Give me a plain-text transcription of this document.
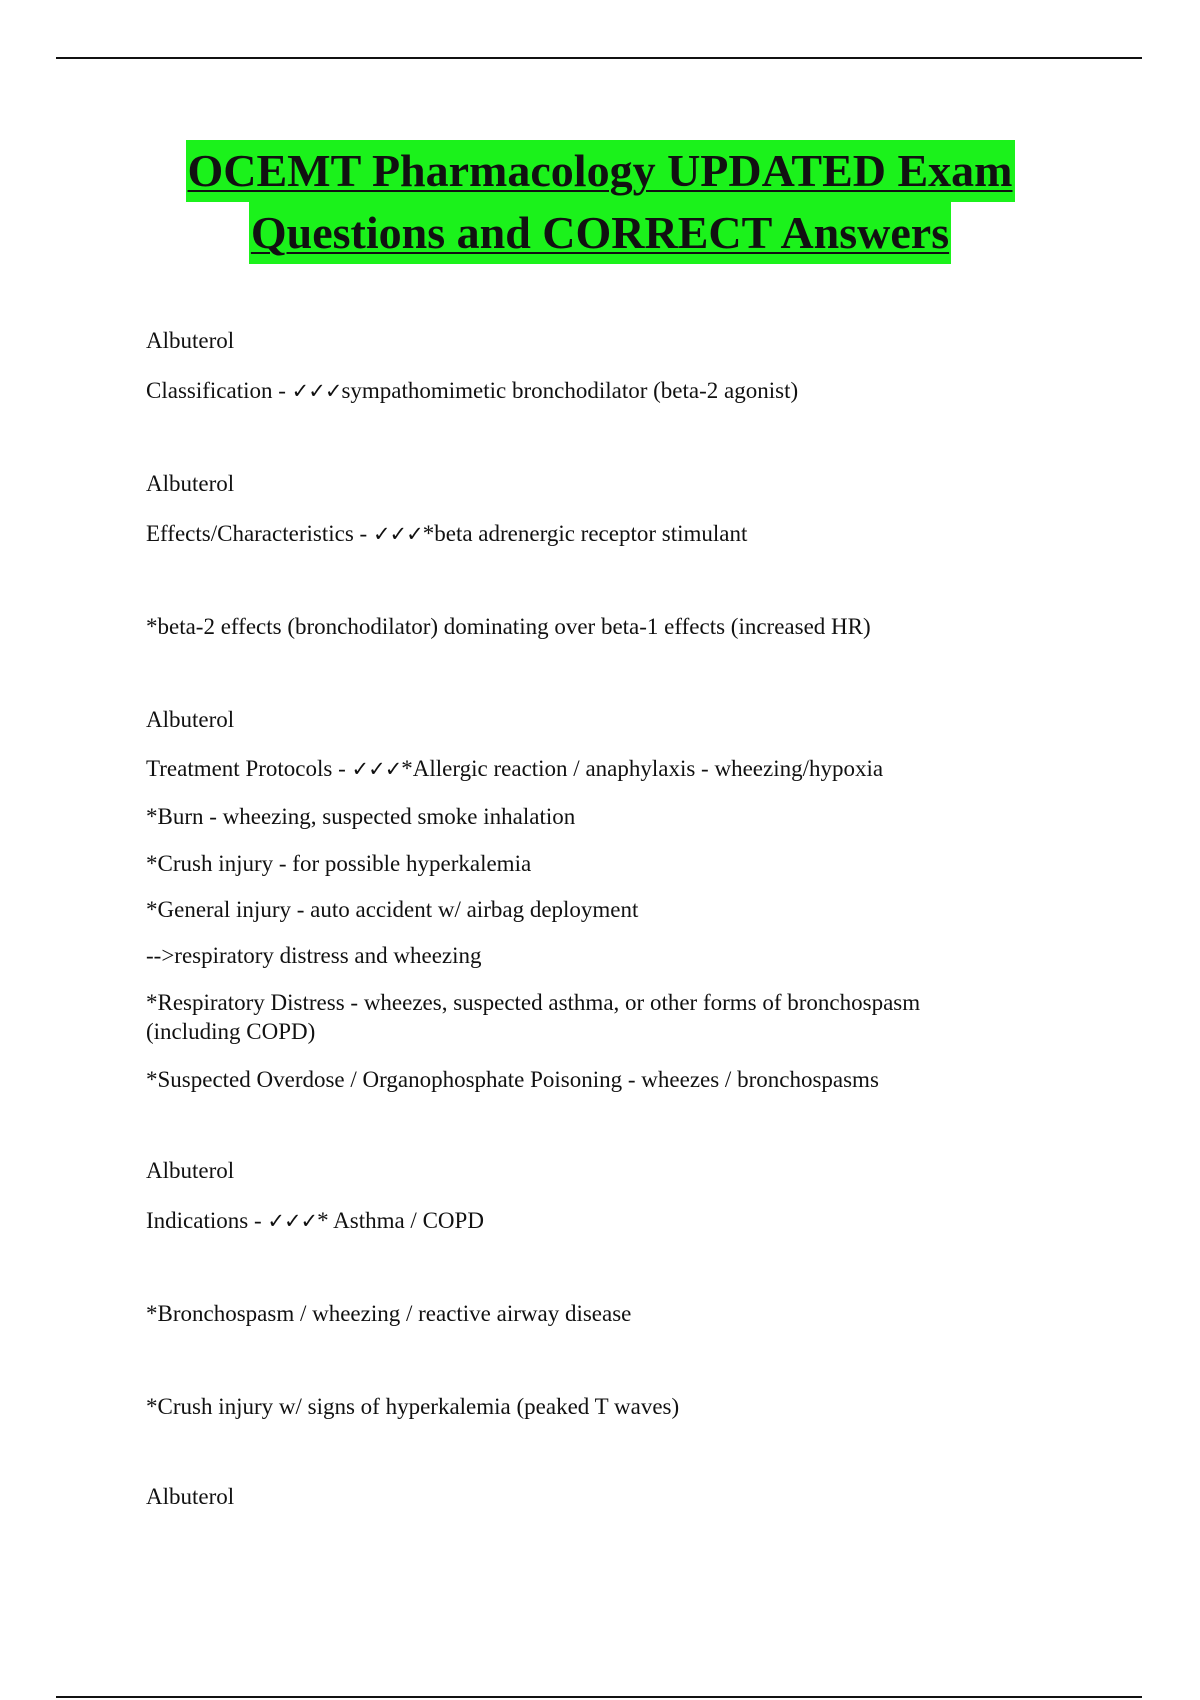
OCEMT Pharmacology UPDATED Exam
Questions and CORRECT Answers

Albuterol

Classification - ✓✓✓sympathomimetic bronchodilator (beta-2 agonist)

Albuterol

Effects/Characteristics - ✓✓✓*beta adrenergic receptor stimulant

*beta-2 effects (bronchodilator) dominating over beta-1 effects (increased HR)

Albuterol

Treatment Protocols - ✓✓✓*Allergic reaction / anaphylaxis - wheezing/hypoxia

*Burn - wheezing, suspected smoke inhalation

*Crush injury - for possible hyperkalemia

*General injury - auto accident w/ airbag deployment

-->respiratory distress and wheezing

*Respiratory Distress - wheezes, suspected asthma, or other forms of bronchospasm (including COPD)

*Suspected Overdose / Organophosphate Poisoning - wheezes / bronchospasms

Albuterol

Indications - ✓✓✓* Asthma / COPD

*Bronchospasm / wheezing / reactive airway disease

*Crush injury w/ signs of hyperkalemia (peaked T waves)

Albuterol
